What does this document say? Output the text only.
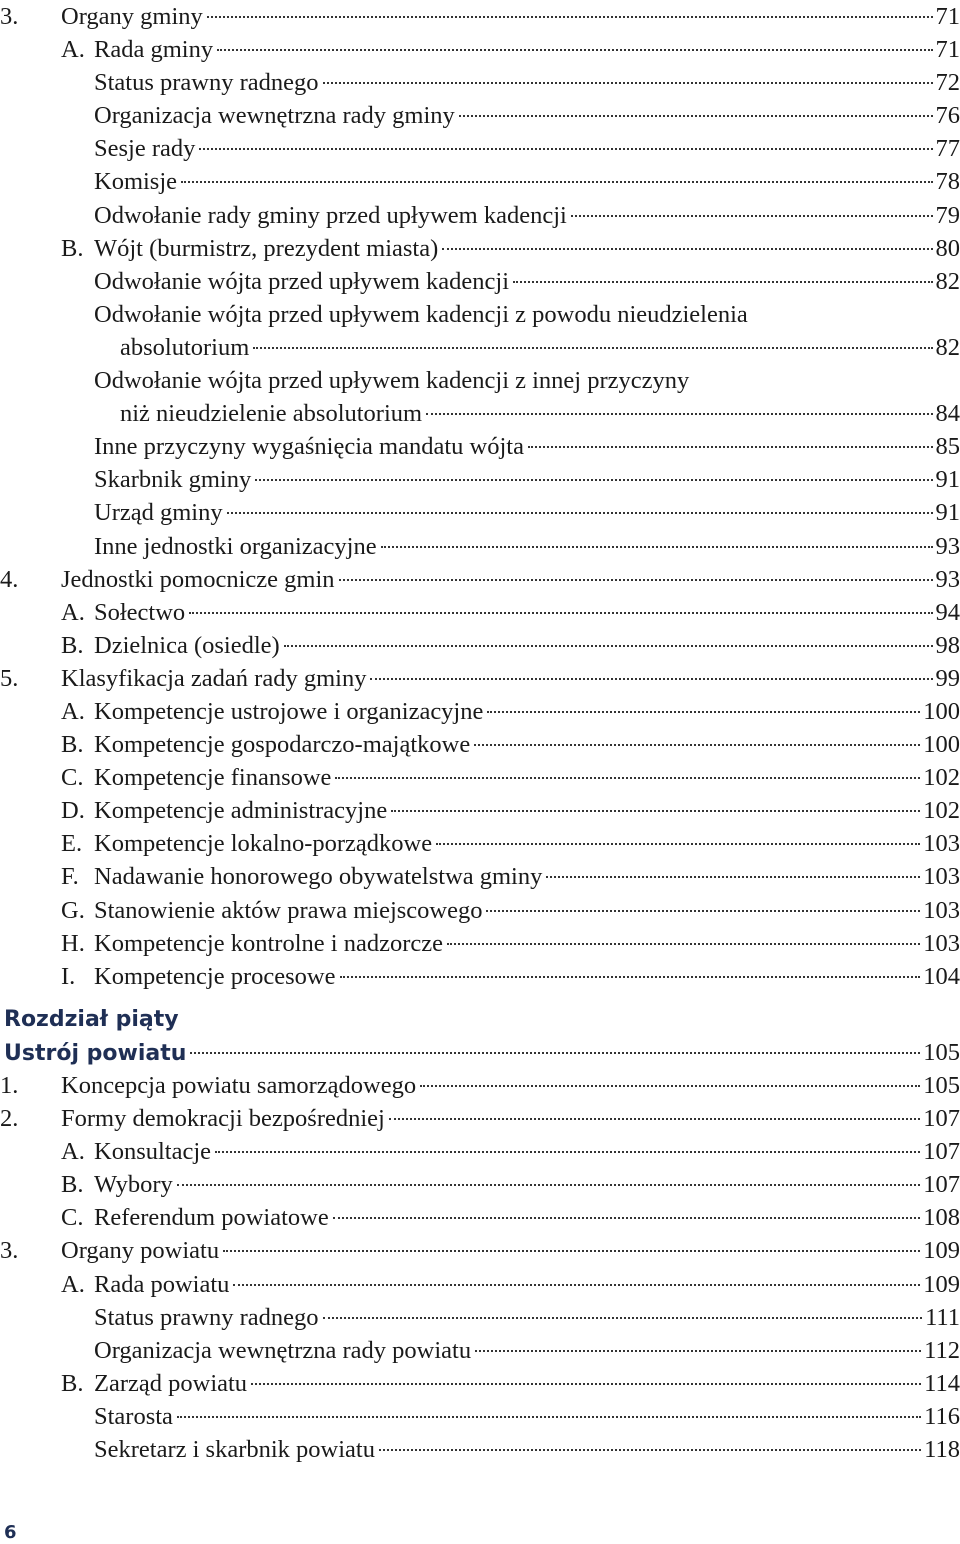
3.	Organy gminy	71
A. Rada gminy	71
Status prawny radnego	72
Organizacja wewnętrzna rady gminy	76
Sesje rady	77
Komisje	78
Odwołanie rady gminy przed upływem kadencji	79
B. Wójt (burmistrz, prezydent miasta)	80
Odwołanie wójta przed upływem kadencji	82
Odwołanie wójta przed upływem kadencji z powodu nieudzielenia
absolutorium	82
Odwołanie wójta przed upływem kadencji z innej przyczyny
niż nieudzielenie absolutorium	84
Inne przyczyny wygaśnięcia mandatu wójta	85
Skarbnik gminy	91
Urząd gminy	91
Inne jednostki organizacyjne	93
4.	Jednostki pomocnicze gmin	93
A. Sołectwo	94
B. Dzielnica (osiedle)	98
5.	Klasyfikacja zadań rady gminy	99
A. Kompetencje ustrojowe i organizacyjne	100
B. Kompetencje gospodarczo-majątkowe	100
C. Kompetencje finansowe	102
D. Kompetencje administracyjne	102
E. Kompetencje lokalno-porządkowe	103
F. Nadawanie honorowego obywatelstwa gminy	103
G. Stanowienie aktów prawa miejscowego	103
H. Kompetencje kontrolne i nadzorcze	103
I. Kompetencje procesowe	104
Rozdział piąty
Ustrój powiatu	105
1.	Koncepcja powiatu samorządowego	105
2.	Formy demokracji bezpośredniej	107
A. Konsultacje	107
B. Wybory	107
C. Referendum powiatowe	108
3.	Organy powiatu	109
A. Rada powiatu	109
Status prawny radnego	111
Organizacja wewnętrzna rady powiatu	112
B. Zarząd powiatu	114
Starosta	116
Sekretarz i skarbnik powiatu	118
6
